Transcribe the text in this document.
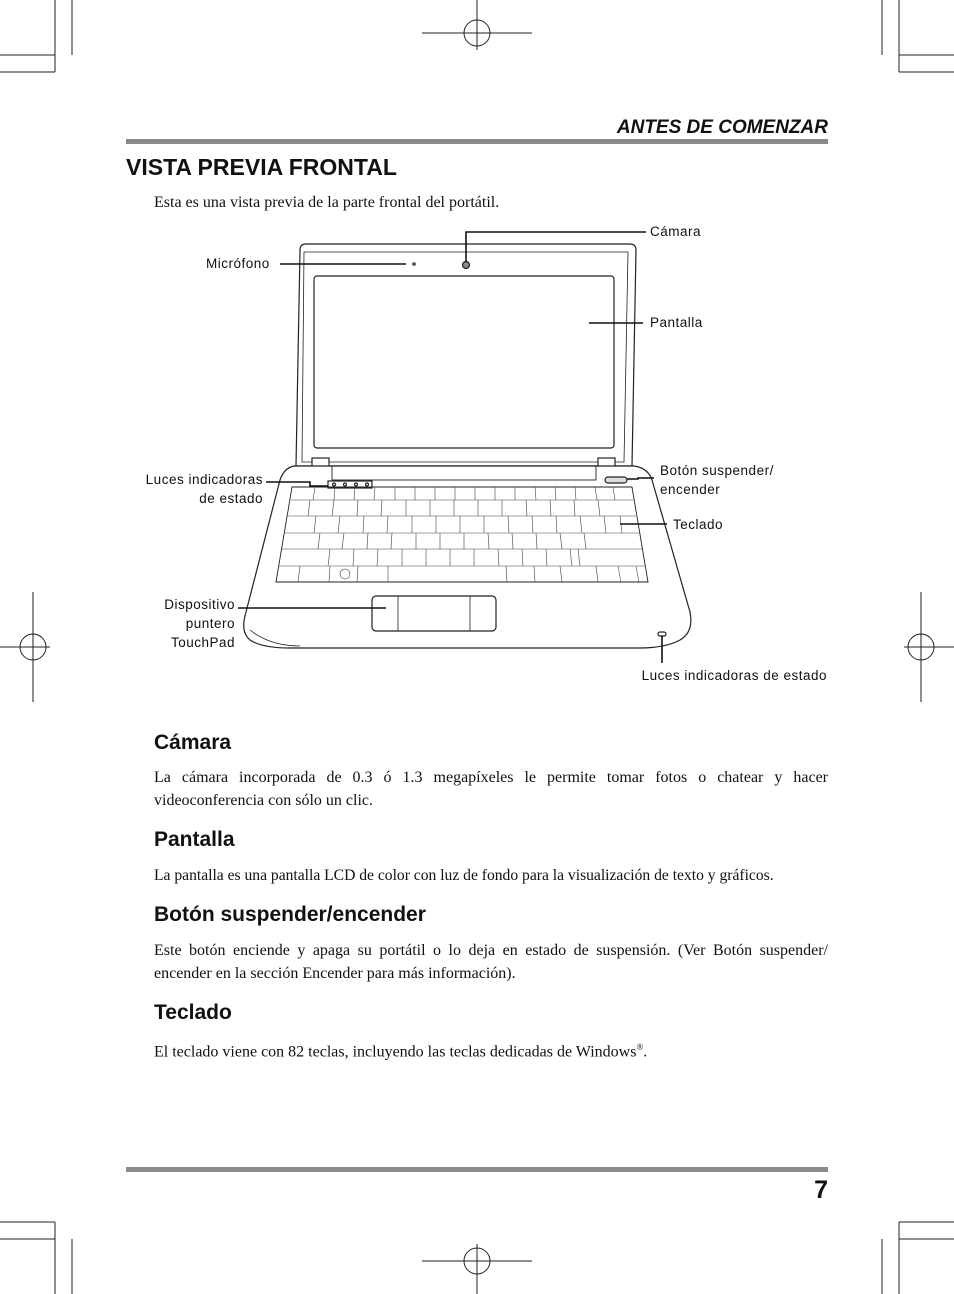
ANTES DE COMENZAR
VISTA PREVIA FRONTAL
Esta es una vista previa de la parte frontal del portátil.
Cámara
Micrófono
Pantalla
Luces indicadoras
de estado
Botón suspender/
encender
Teclado
Dispositivo
puntero
TouchPad
Luces indicadoras de estado
Cámara
La cámara incorporada de 0.3 ó 1.3 megapíxeles le permite tomar fotos o chatear y hacer videoconferencia con sólo un clic.
Pantalla
La pantalla es una pantalla LCD de color con luz de fondo para la visualización de texto y gráficos.
Botón suspender/encender
Este botón enciende y apaga su portátil o lo deja en estado de suspensión. (Ver Botón suspender/ encender en la sección Encender para más información).
Teclado
El teclado viene con 82 teclas, incluyendo las teclas dedicadas de Windows®.
7
